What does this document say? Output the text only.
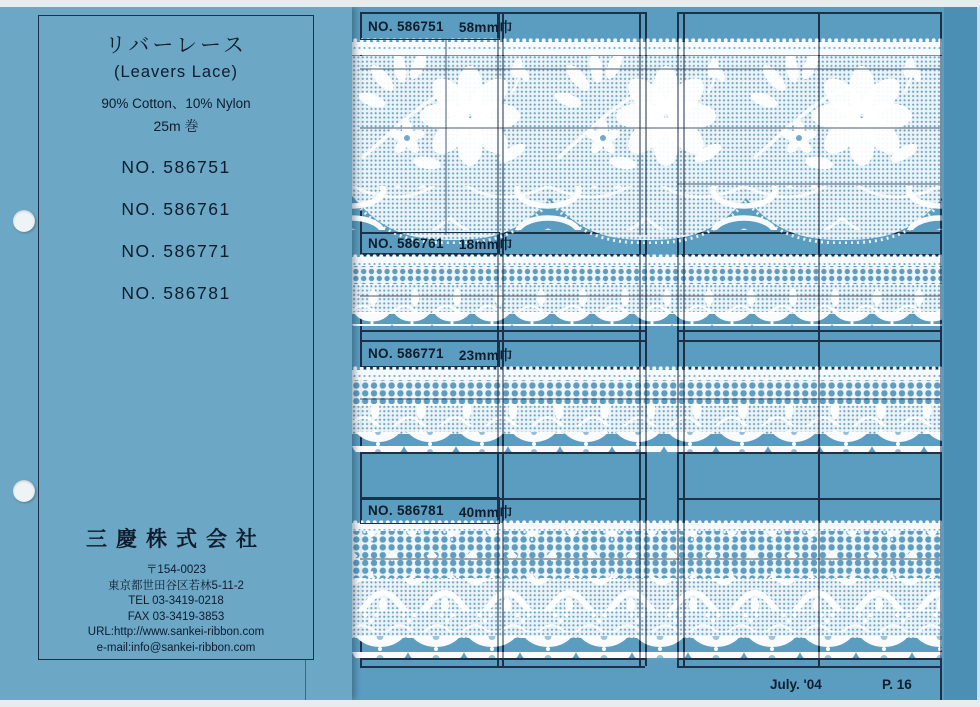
NO. 586751 58mm巾
NO. 586761 18mm巾
NO. 586771 23mm巾
NO. 586781 40mm巾
July. '04	P. 16
リバーレース
(Leavers Lace)
90% Cotton、10% Nylon
25m 巻
NO. 586751
NO. 586761
NO. 586771
NO. 586781
三慶株式会社
〒154-0023
東京都世田谷区若林5-11-2
TEL 03-3419-0218
FAX 03-3419-3853
URL:http://www.sankei-ribbon.com
e-mail:info@sankei-ribbon.com
